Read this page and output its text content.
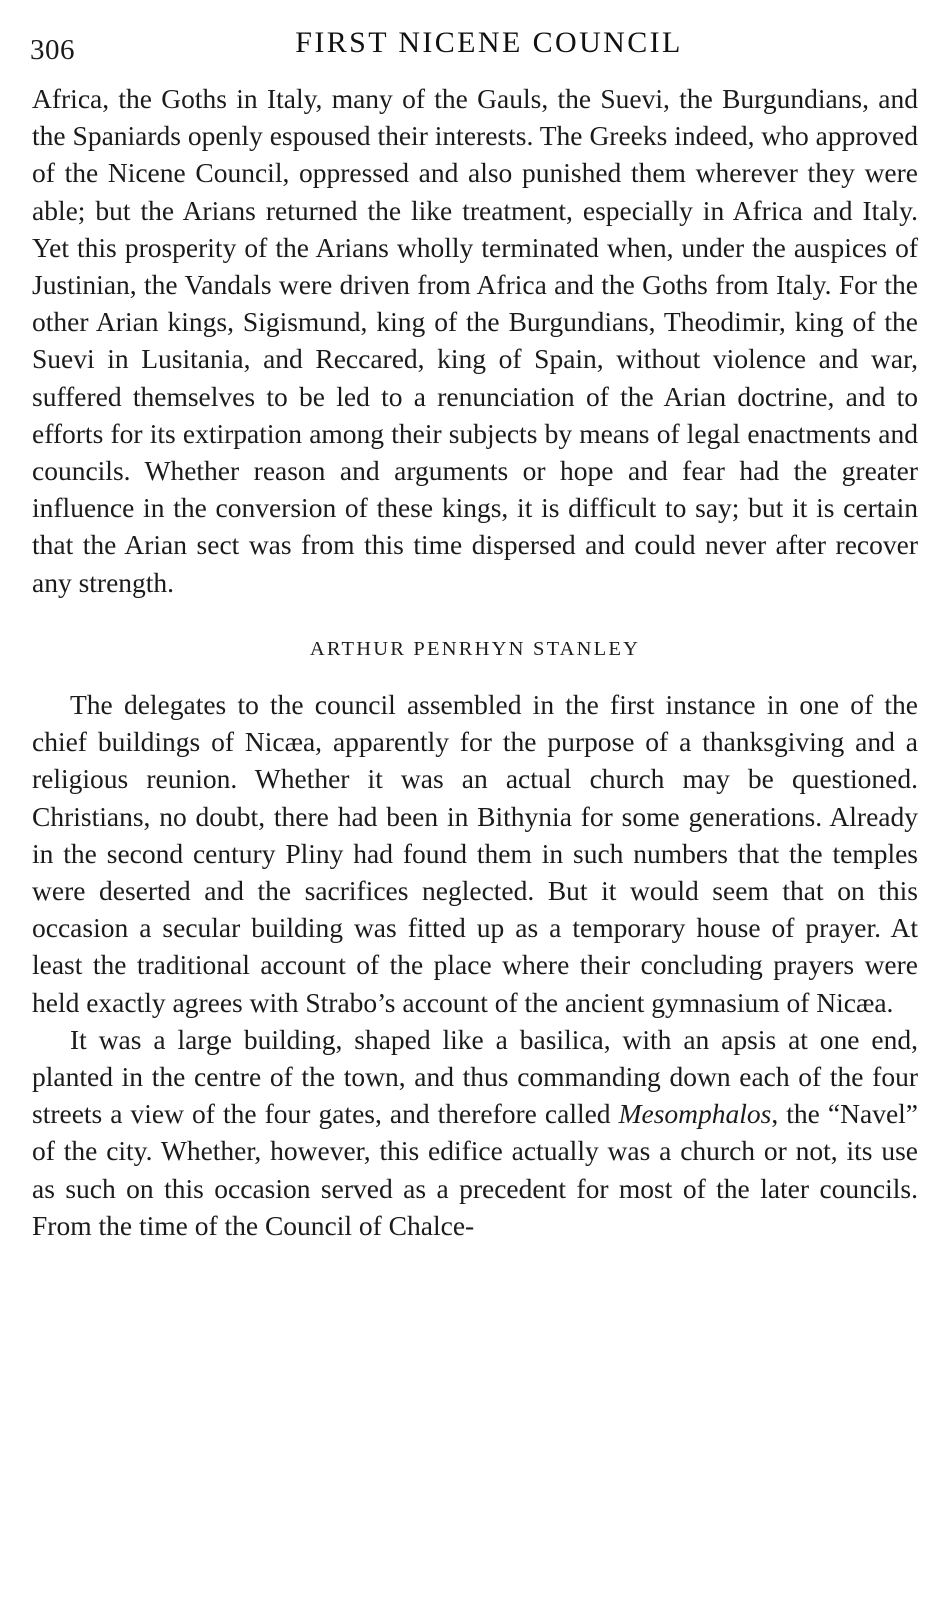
306	FIRST NICENE COUNCIL

Africa, the Goths in Italy, many of the Gauls, the Suevi, the Burgundians, and the Spaniards openly espoused their interests. The Greeks indeed, who approved of the Nicene Council, oppressed and also punished them wherever they were able; but the Arians returned the like treatment, especially in Africa and Italy. Yet this prosperity of the Arians wholly terminated when, under the auspices of Justinian, the Vandals were driven from Africa and the Goths from Italy. For the other Arian kings, Sigismund, king of the Burgundians, Theodimir, king of the Suevi in Lusitania, and Reccared, king of Spain, without violence and war, suffered themselves to be led to a renunciation of the Arian doctrine, and to efforts for its extirpation among their subjects by means of legal enactments and councils. Whether reason and arguments or hope and fear had the greater influence in the conversion of these kings, it is difficult to say; but it is certain that the Arian sect was from this time dispersed and could never after recover any strength.

ARTHUR PENRHYN STANLEY

The delegates to the council assembled in the first instance in one of the chief buildings of Nicæa, apparently for the purpose of a thanksgiving and a religious reunion. Whether it was an actual church may be questioned. Christians, no doubt, there had been in Bithynia for some generations. Already in the second century Pliny had found them in such numbers that the temples were deserted and the sacrifices neglected. But it would seem that on this occasion a secular building was fitted up as a temporary house of prayer. At least the traditional account of the place where their concluding prayers were held exactly agrees with Strabo’s account of the ancient gymnasium of Nicæa.

It was a large building, shaped like a basilica, with an apsis at one end, planted in the centre of the town, and thus commanding down each of the four streets a view of the four gates, and therefore called Mesomphalos, the “Navel” of the city. Whether, however, this edifice actually was a church or not, its use as such on this occasion served as a precedent for most of the later councils. From the time of the Council of Chalce-
